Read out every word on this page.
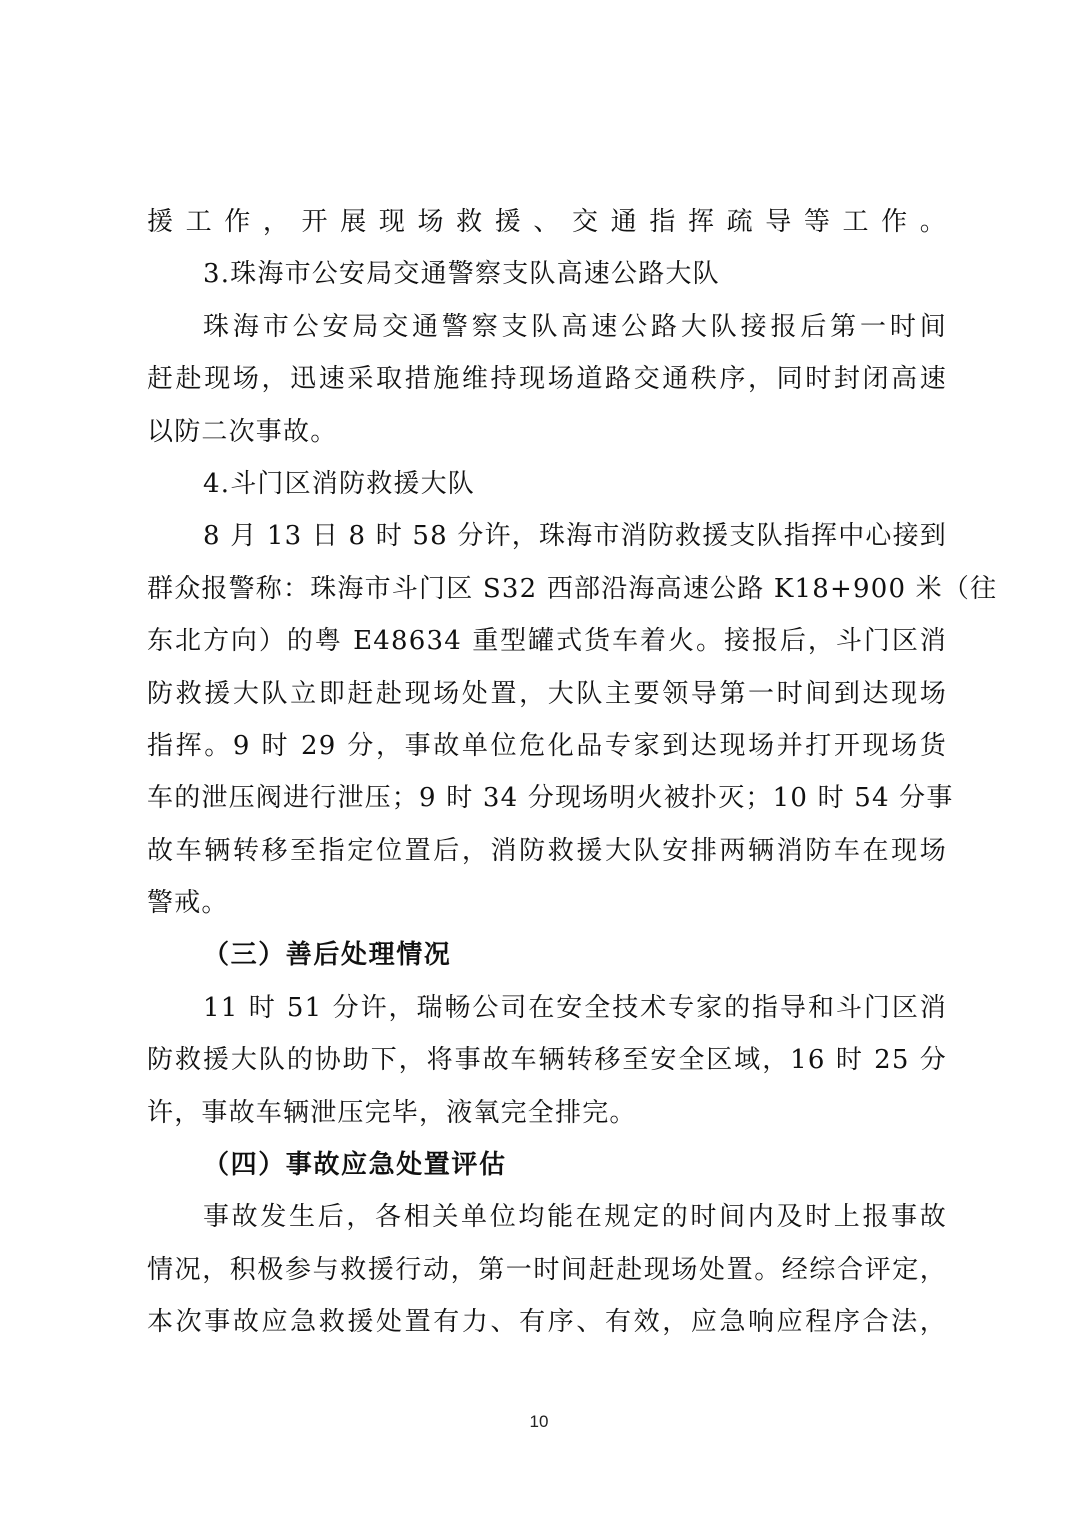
援工作，开展现场救援、交通指挥疏导等工作。
3.珠海市公安局交通警察支队高速公路大队
珠海市公安局交通警察支队高速公路大队接报后第一时间
赶赴现场，迅速采取措施维持现场道路交通秩序，同时封闭高速
以防二次事故。
4.斗门区消防救援大队
8 月 13 日 8 时 58 分许，珠海市消防救援支队指挥中心接到
群众报警称：珠海市斗门区 S32 西部沿海高速公路 K18+900 米（往
东北方向）的粤 E48634 重型罐式货车着火。接报后，斗门区消
防救援大队立即赶赴现场处置，大队主要领导第一时间到达现场
指挥。9 时 29 分，事故单位危化品专家到达现场并打开现场货
车的泄压阀进行泄压；9 时 34 分现场明火被扑灭；10 时 54 分事
故车辆转移至指定位置后，消防救援大队安排两辆消防车在现场
警戒。
（三）善后处理情况
11 时 51 分许，瑞畅公司在安全技术专家的指导和斗门区消
防救援大队的协助下，将事故车辆转移至安全区域，16 时 25 分
许，事故车辆泄压完毕，液氧完全排完。
（四）事故应急处置评估
事故发生后，各相关单位均能在规定的时间内及时上报事故
情况，积极参与救援行动，第一时间赶赴现场处置。经综合评定，
本次事故应急救援处置有力、有序、有效，应急响应程序合法，
10
